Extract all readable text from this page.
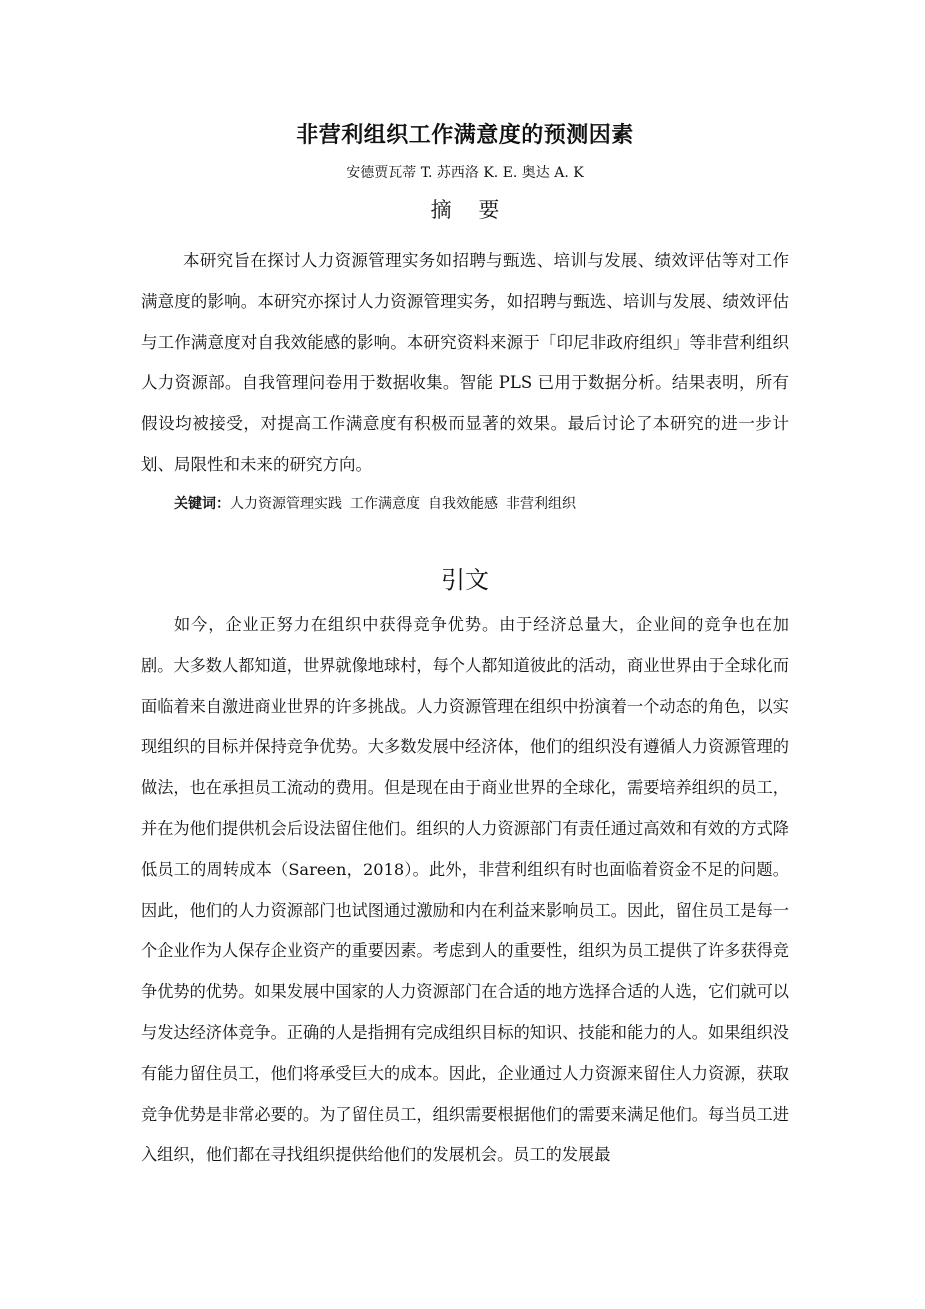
非营利组织工作满意度的预测因素
安德贾瓦蒂 T. 苏西洛 K. E. 奥达 A. K
摘 要

本研究旨在探讨人力资源管理实务如招聘与甄选、培训与发展、绩效评估等对工作满意度的影响。本研究亦探讨人力资源管理实务，如招聘与甄选、培训与发展、绩效评估与工作满意度对自我效能感的影响。本研究资料来源于「印尼非政府组织」等非营利组织人力资源部。自我管理问卷用于数据收集。智能 PLS 已用于数据分析。结果表明，所有假设均被接受，对提高工作满意度有积极而显著的效果。最后讨论了本研究的进一步计划、局限性和未来的研究方向。

关键词：人力资源管理实践 工作满意度 自我效能感 非营利组织
引文

如今，企业正努力在组织中获得竞争优势。由于经济总量大，企业间的竞争也在加剧。大多数人都知道，世界就像地球村，每个人都知道彼此的活动，商业世界由于全球化而面临着来自激进商业世界的许多挑战。人力资源管理在组织中扮演着一个动态的角色，以实现组织的目标并保持竞争优势。大多数发展中经济体，他们的组织没有遵循人力资源管理的做法，也在承担员工流动的费用。但是现在由于商业世界的全球化，需要培养组织的员工，并在为他们提供机会后设法留住他们。组织的人力资源部门有责任通过高效和有效的方式降低员工的周转成本（Sareen，2018）。此外，非营利组织有时也面临着资金不足的问题。因此，他们的人力资源部门也试图通过激励和内在利益来影响员工。因此，留住员工是每一个企业作为人保存企业资产的重要因素。考虑到人的重要性，组织为员工提供了许多获得竞争优势的优势。如果发展中国家的人力资源部门在合适的地方选择合适的人选，它们就可以与发达经济体竞争。正确的人是指拥有完成组织目标的知识、技能和能力的人。如果组织没有能力留住员工，他们将承受巨大的成本。因此，企业通过人力资源来留住人力资源，获取竞争优势是非常必要的。为了留住员工，组织需要根据他们的需要来满足他们。每当员工进入组织，他们都在寻找组织提供给他们的发展机会。员工的发展最
